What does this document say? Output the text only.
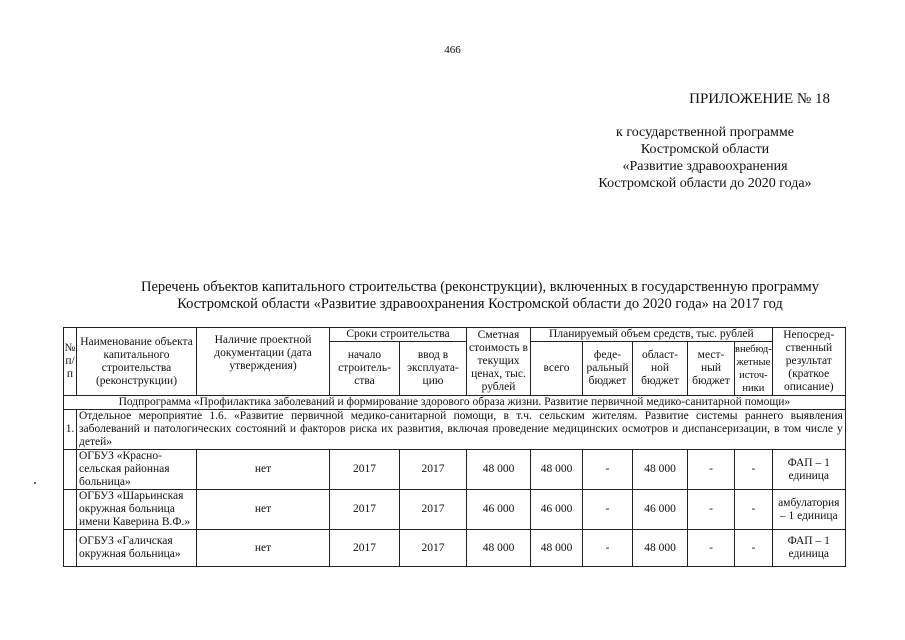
466
ПРИЛОЖЕНИЕ № 18
к государственной программе
Костромской области
«Развитие здравоохранения
Костромской области до 2020 года»
Перечень объектов капитального строительства (реконструкции), включенных в государственную программу
Костромской области «Развитие здравоохранения Костромской области до 2020 года» на 2017 год
№ п/п	Наименование объекта капитального строительства (реконструкции)	Наличие проектной документации (дата утверждения)	Сроки строительства		Сметная стоимость в текущих ценах, тыс. рублей	Планируемый объем средств, тыс. рублей					Непосред-ственный результат (краткое описание)
			начало строитель-ства	ввод в эксплуата-цию		всего	феде-ральный бюджет	област-ной бюджет	мест-ный бюджет	внебюд-жетные источ-ники	
Подпрограмма «Профилактика заболеваний и формирование здорового образа жизни. Развитие первичной медико-санитарной помощи»											
1.	Отдельное мероприятие 1.6. «Развитие первичной медико-санитарной помощи, в т.ч. сельским жителям. Развитие системы раннего выявления заболеваний и патологических состояний и факторов риска их развития, включая проведение медицинских осмотров и диспансеризации, в том числе у детей»										
	ОГБУЗ «Красно-сельская районная больница»	нет	2017	2017	48 000	48 000	-	48 000	-	-	ФАП – 1 единица
	ОГБУЗ «Шарьинская окружная больница имени Каверина В.Ф.»	нет	2017	2017	46 000	46 000	-	46 000	-	-	амбулатория – 1 единица
	ОГБУЗ «Галичская окружная больница»	нет	2017	2017	48 000	48 000	-	48 000	-	-	ФАП – 1 единица
